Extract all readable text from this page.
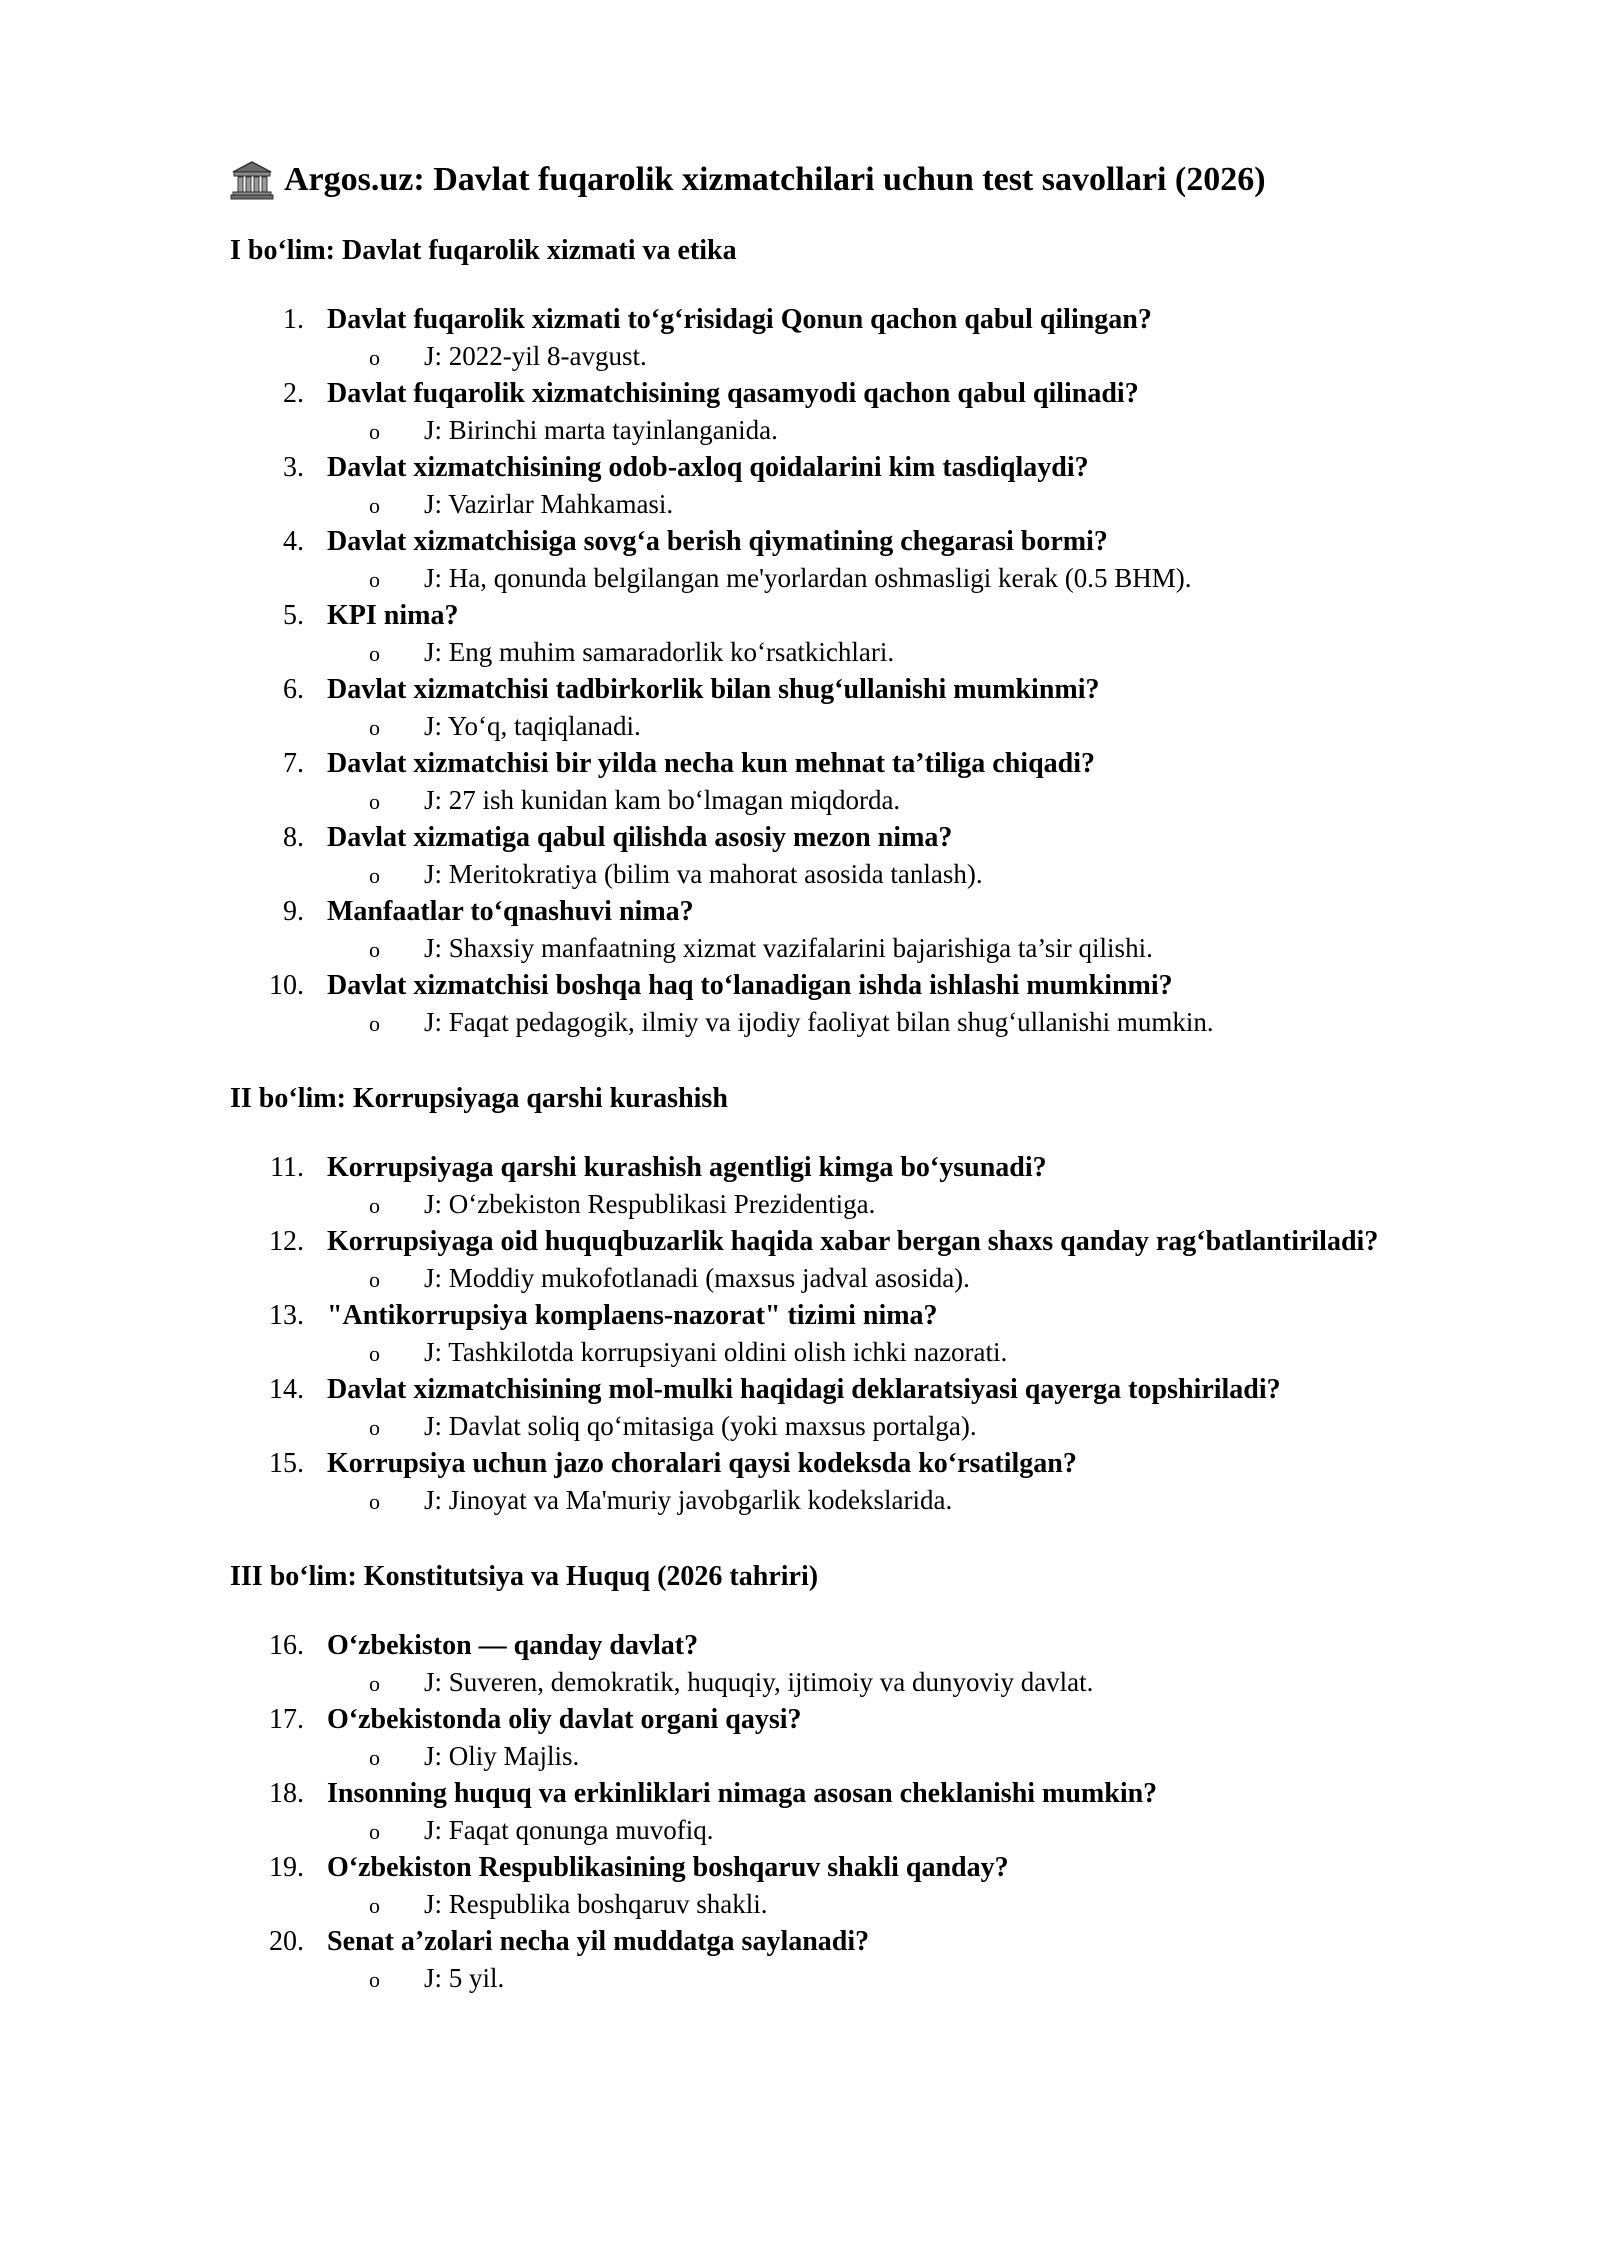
Argos.uz: Davlat fuqarolik xizmatchilari uchun test savollari (2026)
I bo‘lim: Davlat fuqarolik xizmati va etika
1. Davlat fuqarolik xizmati to‘g‘risidagi Qonun qachon qabul qilingan?
o J: 2022-yil 8-avgust.
2. Davlat fuqarolik xizmatchisining qasamyodi qachon qabul qilinadi?
o J: Birinchi marta tayinlanganida.
3. Davlat xizmatchisining odob-axloq qoidalarini kim tasdiqlaydi?
o J: Vazirlar Mahkamasi.
4. Davlat xizmatchisiga sovg‘a berish qiymatining chegarasi bormi?
o J: Ha, qonunda belgilangan me'yorlardan oshmasligi kerak (0.5 BHM).
5. KPI nima?
o J: Eng muhim samaradorlik ko‘rsatkichlari.
6. Davlat xizmatchisi tadbirkorlik bilan shug‘ullanishi mumkinmi?
o J: Yo‘q, taqiqlanadi.
7. Davlat xizmatchisi bir yilda necha kun mehnat ta’tiliga chiqadi?
o J: 27 ish kunidan kam bo‘lmagan miqdorda.
8. Davlat xizmatiga qabul qilishda asosiy mezon nima?
o J: Meritokratiya (bilim va mahorat asosida tanlash).
9. Manfaatlar to‘qnashuvi nima?
o J: Shaxsiy manfaatning xizmat vazifalarini bajarishiga ta’sir qilishi.
10. Davlat xizmatchisi boshqa haq to‘lanadigan ishda ishlashi mumkinmi?
o J: Faqat pedagogik, ilmiy va ijodiy faoliyat bilan shug‘ullanishi mumkin.
II bo‘lim: Korrupsiyaga qarshi kurashish
11. Korrupsiyaga qarshi kurashish agentligi kimga bo‘ysunadi?
o J: O‘zbekiston Respublikasi Prezidentiga.
12. Korrupsiyaga oid huquqbuzarlik haqida xabar bergan shaxs qanday rag‘batlantiriladi?
o J: Moddiy mukofotlanadi (maxsus jadval asosida).
13. "Antikorrupsiya komplaens-nazorat" tizimi nima?
o J: Tashkilotda korrupsiyani oldini olish ichki nazorati.
14. Davlat xizmatchisining mol-mulki haqidagi deklaratsiyasi qayerga topshiriladi?
o J: Davlat soliq qo‘mitasiga (yoki maxsus portalga).
15. Korrupsiya uchun jazo choralari qaysi kodeksda ko‘rsatilgan?
o J: Jinoyat va Ma'muriy javobgarlik kodekslarida.
III bo‘lim: Konstitutsiya va Huquq (2026 tahriri)
16. O‘zbekiston — qanday davlat?
o J: Suveren, demokratik, huquqiy, ijtimoiy va dunyoviy davlat.
17. O‘zbekistonda oliy davlat organi qaysi?
o J: Oliy Majlis.
18. Insonning huquq va erkinliklari nimaga asosan cheklanishi mumkin?
o J: Faqat qonunga muvofiq.
19. O‘zbekiston Respublikasining boshqaruv shakli qanday?
o J: Respublika boshqaruv shakli.
20. Senat a’zolari necha yil muddatga saylanadi?
o J: 5 yil.
